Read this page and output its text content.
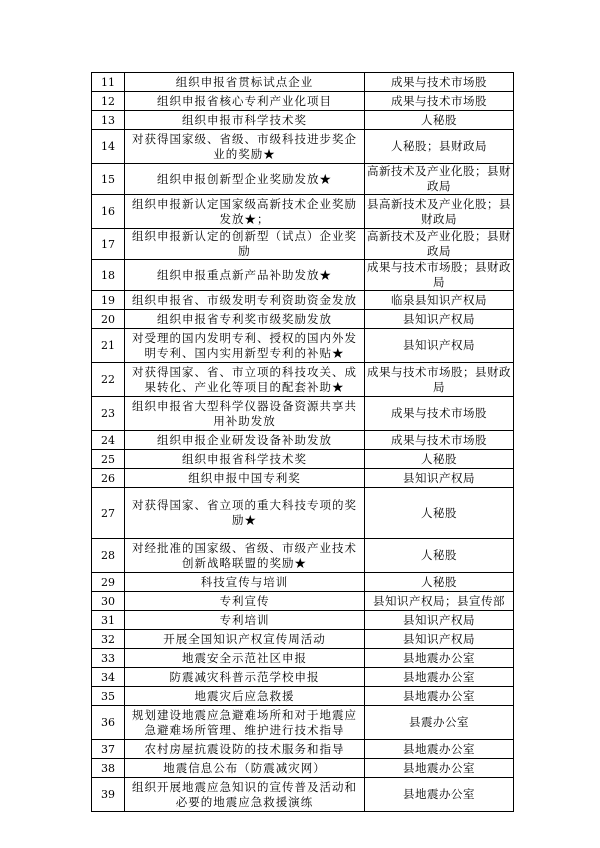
11	组织申报省贯标试点企业	成果与技术市场股
12	组织申报省核心专利产业化项目	成果与技术市场股
13	组织申报市科学技术奖	人秘股
14	对获得国家级、省级、市级科技进步奖企业的奖励★	人秘股；县财政局
15	组织申报创新型企业奖励发放★	高新技术及产业化股；县财政局
16	组织申报新认定国家级高新技术企业奖励发放★；	县高新技术及产业化股；县财政局
17	组织申报新认定的创新型（试点）企业奖励	高新技术及产业化股；县财政局
18	组织申报重点新产品补助发放★	成果与技术市场股；县财政局
19	组织申报省、市级发明专利资助资金发放	临泉县知识产权局
20	组织申报省专利奖市级奖励发放	县知识产权局
21	对受理的国内发明专利、授权的国内外发明专利、国内实用新型专利的补贴★	县知识产权局
22	对获得国家、省、市立项的科技攻关、成果转化、产业化等项目的配套补助★	成果与技术市场股；县财政局
23	组织申报省大型科学仪器设备资源共享共用补助发放	成果与技术市场股
24	组织申报企业研发设备补助发放	成果与技术市场股
25	组织申报省科学技术奖	人秘股
26	组织申报中国专利奖	县知识产权局
27	对获得国家、省立项的重大科技专项的奖励★	人秘股
28	对经批准的国家级、省级、市级产业技术创新战略联盟的奖励★	人秘股
29	科技宣传与培训	人秘股
30	专利宣传	县知识产权局；县宣传部
31	专利培训	县知识产权局
32	开展全国知识产权宣传周活动	县知识产权局
33	地震安全示范社区申报	县地震办公室
34	防震减灾科普示范学校申报	县地震办公室
35	地震灾后应急救援	县地震办公室
36	规划建设地震应急避难场所和对于地震应急避难场所管理、维护进行技术指导	县震办公室
37	农村房屋抗震设防的技术服务和指导	县地震办公室
38	地震信息公布（防震减灾网）	县地震办公室
39	组织开展地震应急知识的宣传普及活动和必要的地震应急救援演练	县地震办公室
